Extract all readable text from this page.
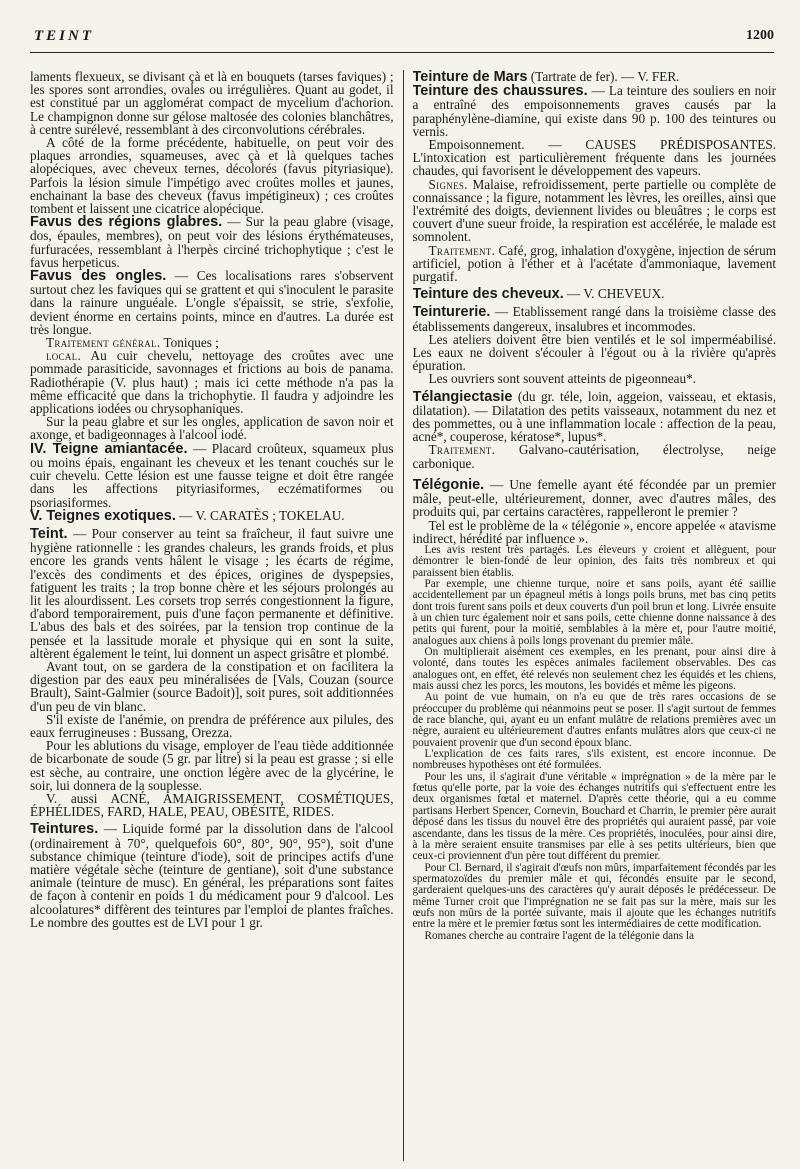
TEINT	1200

laments flexueux, se divisant çà et là en bouquets (tarses faviques) ; les spores sont arrondies, ovales ou irrégulières. Quant au godet, il est constitué par un agglomérat compact de mycelium d'achorion. Le champignon donne sur gélose maltosée des colonies blanchâtres, à centre surélevé, ressemblant à des circonvolutions cérébrales.

A côté de la forme précédente, habituelle, on peut voir des plaques arrondies, squameuses, avec çà et là quelques taches alopéciques, avec cheveux ternes, décolorés (favus pityriasique). Parfois la lésion simule l'impétigo avec croûtes molles et jaunes, enchainant la base des cheveux (favus impétigineux) ; ces croûtes tombent et laissent une cicatrice alopécique.

Favus des régions glabres. — Sur la peau glabre (visage, dos, épaules, membres), on peut voir des lésions érythémateuses, furfuracées, ressemblant à l'herpès circiné trichophytique ; c'est le favus herpeticus.

Favus des ongles. — Ces localisations rares s'observent surtout chez les faviques qui se grattent et qui s'inoculent le parasite dans la rainure unguéale. L'ongle s'épaissit, se strie, s'exfolie, devient énorme en certains points, mince en d'autres. La durée est très longue.

Traitement général. Toniques ;

local. Au cuir chevelu, nettoyage des croûtes avec une pommade parasiticide, savonnages et frictions au bois de panama. Radiothérapie (V. plus haut) ; mais ici cette méthode n'a pas la même efficacité que dans la trichophytie. Il faudra y adjoindre les applications iodées ou chrysophaniques.

Sur la peau glabre et sur les ongles, application de savon noir et axonge, et badigeonnages à l'alcool iodé.

IV. Teigne amiantacée. — Placard croûteux, squameux plus ou moins épais, engainant les cheveux et les tenant couchés sur le cuir chevelu. Cette lésion est une fausse teigne et doit être rangée dans les affections pityriasiformes, eczématiformes ou psoriasiformes.

V. Teignes exotiques. — V. CARATÈS ; TOKELAU.

Teint. — Pour conserver au teint sa fraîcheur, il faut suivre une hygiène rationnelle : les grandes chaleurs, les grands froids, et plus encore les grands vents hâlent le visage ; les écarts de régime, l'excès des condiments et des épices, origines de dyspepsies, fatiguent les traits ; la trop bonne chère et les séjours prolongés au lit les alourdissent. Les corsets trop serrés congestionnent la figure, d'abord temporairement, puis d'une façon permanente et définitive. L'abus des bals et des soirées, par la tension trop continue de la pensée et la lassitude morale et physique qui en sont la suite, altèrent également le teint, lui donnent un aspect grisâtre et plombé.

Avant tout, on se gardera de la constipation et on facilitera la digestion par des eaux peu minéralisées de [Vals, Couzan (source Brault), Saint-Galmier (source Badoit)], soit pures, soit additionnées d'un peu de vin blanc.

S'il existe de l'anémie, on prendra de préférence aux pilules, des eaux ferrugineuses : Bussang, Orezza.

Pour les ablutions du visage, employer de l'eau tiède additionnée de bicarbonate de soude (5 gr. par litre) si la peau est grasse ; si elle est sèche, au contraire, une onction légère avec de la glycérine, le soir, lui donnera de la souplesse.

V. aussi ACNÉ, AMAIGRISSEMENT, COSMÉTIQUES, ÉPHÉLIDES, FARD, HALE, PEAU, OBÉSITÉ, RIDES.

Teintures. — Liquide formé par la dissolution dans de l'alcool (ordinairement à 70°, quelquefois 60°, 80°, 90°, 95°), soit d'une substance chimique (teinture d'iode), soit de principes actifs d'une matière végétale sèche (teinture de gentiane), soit d'une substance animale (teinture de musc). En général, les préparations sont faites de façon à contenir en poids 1 du médicament pour 9 d'alcool. Les alcoolatures* diffèrent des teintures par l'emploi de plantes fraîches. Le nombre des gouttes est de LVI pour 1 gr.

Teinture de Mars (Tartrate de fer). — V. FER.

Teinture des chaussures. — La teinture des souliers en noir a entraîné des empoisonnements graves causés par la paraphénylène-diamine, qui existe dans 90 p. 100 des teintures ou vernis.

Empoisonnement. — CAUSES PRÉDISPOSANTES. L'intoxication est particulièrement fréquente dans les journées chaudes, qui favorisent le développement des vapeurs.

Signes. Malaise, refroidissement, perte partielle ou complète de connaissance ; la figure, notamment les lèvres, les oreilles, ainsi que l'extrémité des doigts, deviennent livides ou bleuâtres ; le corps est couvert d'une sueur froide, la respiration est accélérée, le malade est somnolent.

Traitement. Café, grog, inhalation d'oxygène, injection de sérum artificiel, potion à l'éther et à l'acétate d'ammoniaque, lavement purgatif.

Teinture des cheveux. — V. CHEVEUX.

Teinturerie. — Etablissement rangé dans la troisième classe des établissements dangereux, insalubres et incommodes.

Les ateliers doivent être bien ventilés et le sol imperméabilisé. Les eaux ne doivent s'écouler à l'égout ou à la rivière qu'après épuration.

Les ouvriers sont souvent atteints de pigeonneau*.

Télangiectasie (du gr. téle, loin, aggeion, vaisseau, et ektasis, dilatation). — Dilatation des petits vaisseaux, notamment du nez et des pommettes, ou à une inflammation locale : affection de la peau, acné*, couperose, kératose*, lupus*.

Traitement. Galvano-cautérisation, électrolyse, neige carbonique.

Télégonie. — Une femelle ayant été fécondée par un premier mâle, peut-elle, ultérieurement, donner, avec d'autres mâles, des produits qui, par certains caractères, rappelleront le premier ?

Tel est le problème de la « télégonie », encore appelée « atavisme indirect, hérédité par influence ».

Les avis restent très partagés. Les éleveurs y croient et allèguent, pour démontrer le bien-fondé de leur opinion, des faits très nombreux et qui paraissent bien établis.

Par exemple, une chienne turque, noire et sans poils, ayant été saillie accidentellement par un épagneul métis à longs poils bruns, met bas cinq petits dont trois furent sans poils et deux couverts d'un poil brun et long. Livrée ensuite à un chien turc également noir et sans poils, cette chienne donne naissance à des petits qui furent, pour la moitié, semblables à la mère et, pour l'autre moitié, analogues aux chiens à poils longs provenant du premier mâle.

On multiplierait aisément ces exemples, en les prenant, pour ainsi dire à volonté, dans toutes les espèces animales facilement observables. Des cas analogues ont, en effet, été relevés non seulement chez les équidés et les chiens, mais aussi chez les porcs, les moutons, les bovidés et même les pigeons.

Au point de vue humain, on n'a eu que de très rares occasions de se préoccuper du problème qui néanmoins peut se poser. Il s'agit surtout de femmes de race blanche, qui, ayant eu un enfant mulâtre de relations premières avec un nègre, auraient eu ultérieurement d'autres enfants mulâtres alors que ceux-ci ne pouvaient provenir que d'un second époux blanc.

L'explication de ces faits rares, s'ils existent, est encore inconnue. De nombreuses hypothèses ont été formulées.

Pour les uns, il s'agirait d'une véritable « imprégnation » de la mère par le fœtus qu'elle porte, par la voie des échanges nutritifs qui s'effectuent entre les deux organismes fœtal et maternel. D'après cette théorie, qui a eu comme partisans Herbert Spencer, Cornevin, Bouchard et Charrin, le premier père aurait déposé dans les tissus du nouvel être des propriétés qui auraient passé, par voie ascendante, dans les tissus de la mère. Ces propriétés, inoculées, pour ainsi dire, à la mère seraient ensuite transmises par elle à ses petits ultérieurs, bien que ceux-ci proviennent d'un père tout différent du premier.

Pour Cl. Bernard, il s'agirait d'œufs non mûrs, imparfaitement fécondés par les spermatozoïdes du premier mâle et qui, fécondés ensuite par le second, garderaient quelques-uns des caractères qu'y aurait déposés le prédécesseur. De même Turner croit que l'imprégnation ne se fait pas sur la mère, mais sur les œufs non mûrs de la portée suivante, mais il ajoute que les échanges nutritifs entre la mère et le premier fœtus sont les intermédiaires de cette modification.

Romanes cherche au contraire l'agent de la télégonie dans la
